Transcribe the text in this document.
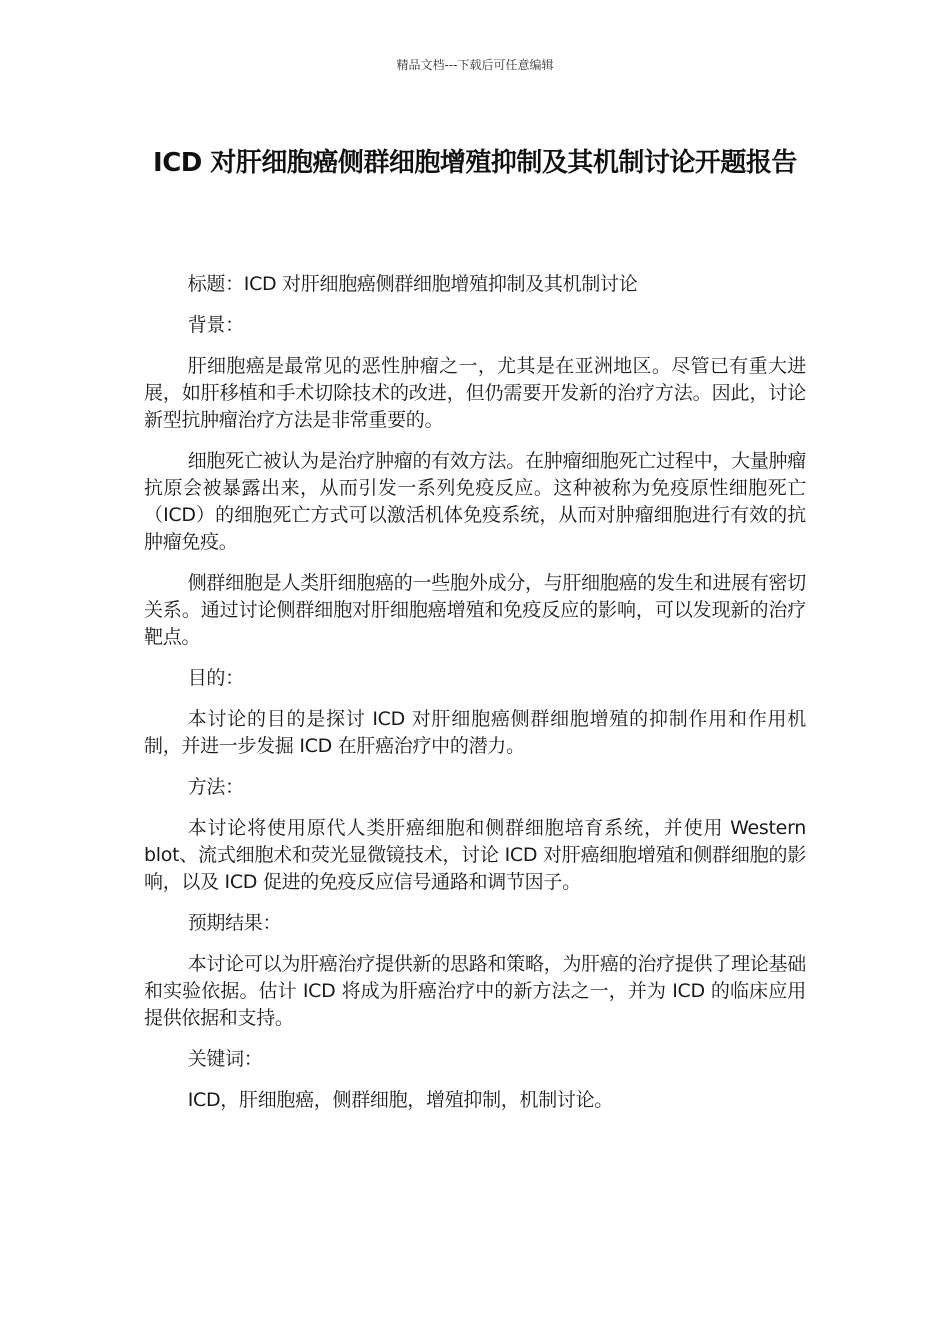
精品文档---下载后可任意编辑
ICD 对肝细胞癌侧群细胞增殖抑制及其机制讨论开题报告

标题：ICD 对肝细胞癌侧群细胞增殖抑制及其机制讨论

背景：

肝细胞癌是最常见的恶性肿瘤之一，尤其是在亚洲地区。尽管已有重大进展，如肝移植和手术切除技术的改进，但仍需要开发新的治疗方法。因此，讨论新型抗肿瘤治疗方法是非常重要的。

细胞死亡被认为是治疗肿瘤的有效方法。在肿瘤细胞死亡过程中，大量肿瘤抗原会被暴露出来，从而引发一系列免疫反应。这种被称为免疫原性细胞死亡（ICD）的细胞死亡方式可以激活机体免疫系统，从而对肿瘤细胞进行有效的抗肿瘤免疫。

侧群细胞是人类肝细胞癌的一些胞外成分，与肝细胞癌的发生和进展有密切关系。通过讨论侧群细胞对肝细胞癌增殖和免疫反应的影响，可以发现新的治疗靶点。

目的：

本讨论的目的是探讨 ICD 对肝细胞癌侧群细胞增殖的抑制作用和作用机制，并进一步发掘 ICD 在肝癌治疗中的潜力。

方法：

本讨论将使用原代人类肝癌细胞和侧群细胞培育系统，并使用 Western blot、流式细胞术和荧光显微镜技术，讨论 ICD 对肝癌细胞增殖和侧群细胞的影响，以及 ICD 促进的免疫反应信号通路和调节因子。

预期结果：

本讨论可以为肝癌治疗提供新的思路和策略，为肝癌的治疗提供了理论基础和实验依据。估计 ICD 将成为肝癌治疗中的新方法之一，并为 ICD 的临床应用提供依据和支持。

关键词：

ICD，肝细胞癌，侧群细胞，增殖抑制，机制讨论。
